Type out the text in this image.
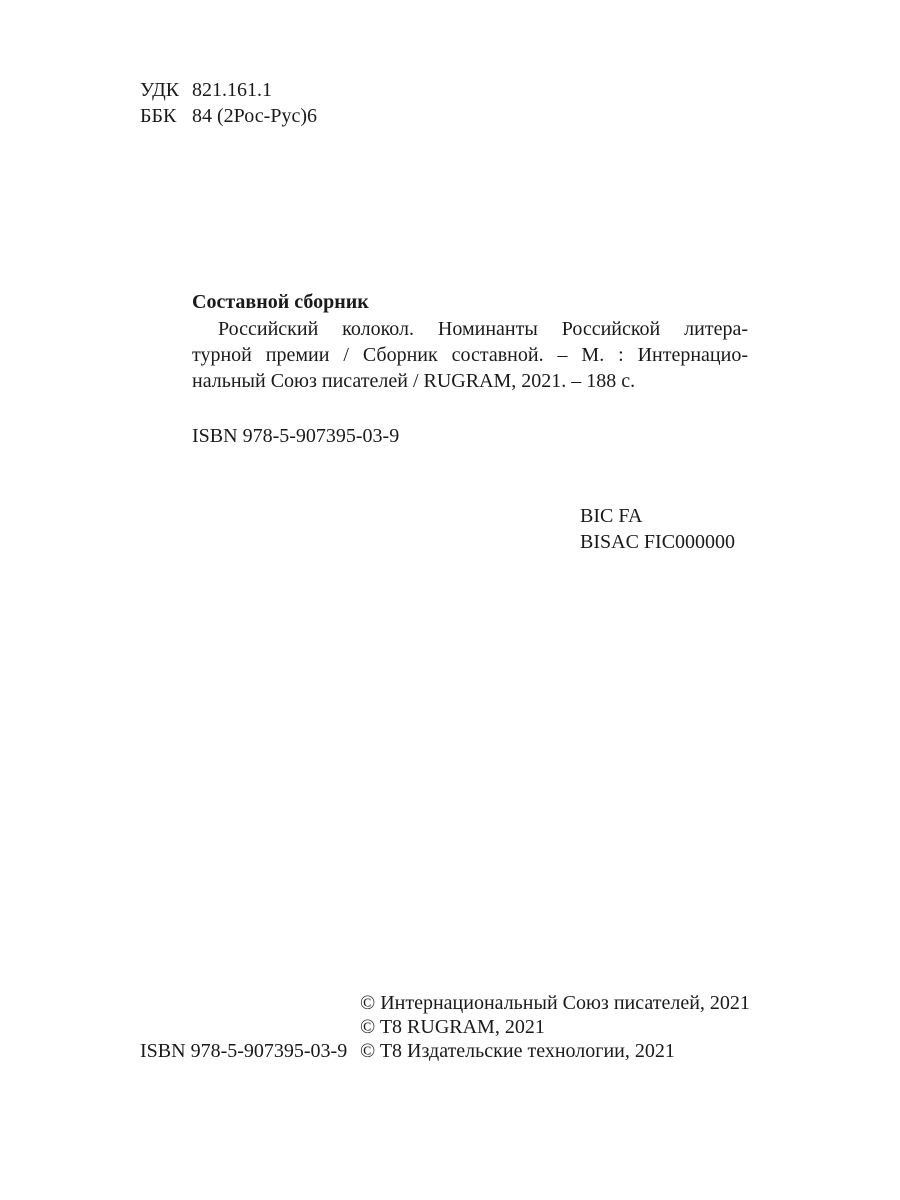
УДК 821.161.1
ББК 84 (2Рос-Рус)6
Составной сборник
Российский колокол. Номинанты Российской литера-
турной премии / Сборник составной. – М. : Интернацио-
нальный Союз писателей / RUGRAM, 2021. – 188 с.
ISBN 978-5-907395-03-9
BIC FA
BISAC FIC000000
© Интернациональный Союз писателей, 2021
© T8 RUGRAM, 2021
ISBN 978-5-907395-03-9 © T8 Издательские технологии, 2021
